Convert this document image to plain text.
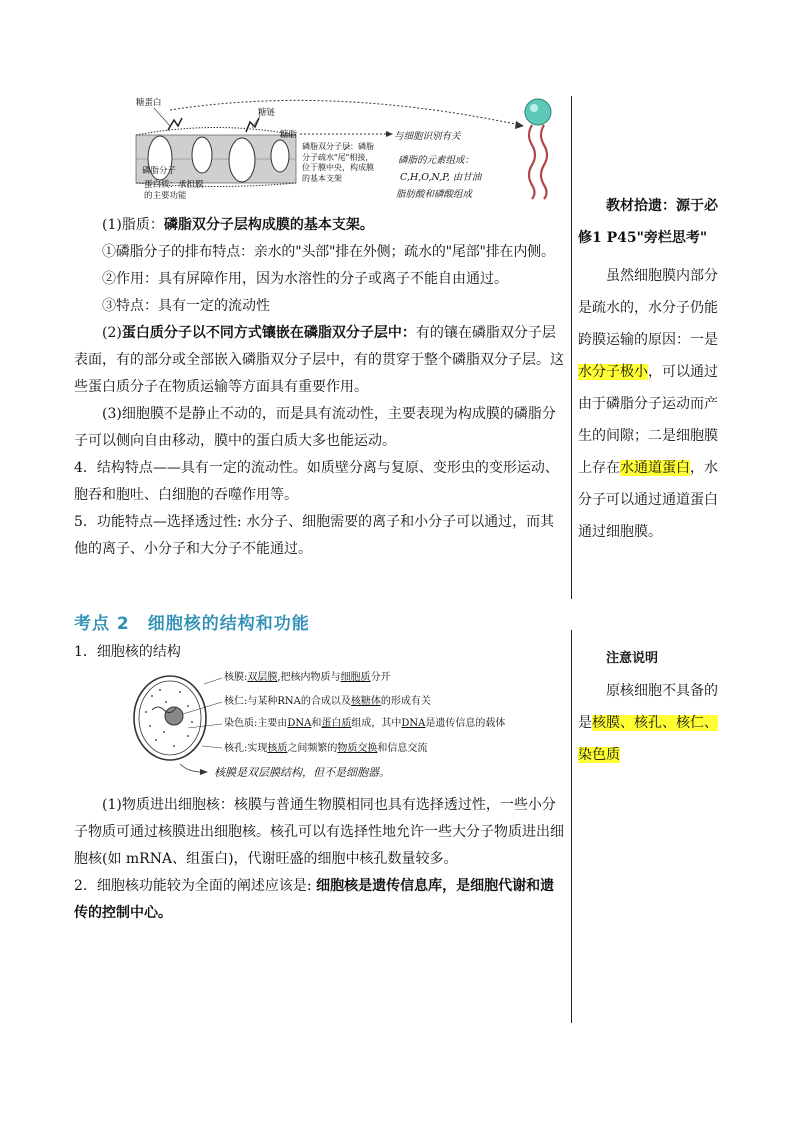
糖蛋白
糖链
糖脂
磷脂分子
蛋白质：承担膜的主要功能
磷脂双分子层：磷脂分子疏水"尾"相接，位于膜中央，构成膜的基本支架
与细胞识别有关
磷脂的元素组成：
C,H,O,N,P, 由甘油
脂肪酸和磷酸组成
(1)脂质：磷脂双分子层构成膜的基本支架。
①磷脂分子的排布特点：亲水的"头部"排在外侧；疏水的"尾部"排在内侧。
②作用：具有屏障作用，因为水溶性的分子或离子不能自由通过。
③特点：具有一定的流动性
(2)蛋白质分子以不同方式镶嵌在磷脂双分子层中：有的镶在磷脂双分子层表面，有的部分或全部嵌入磷脂双分子层中，有的贯穿于整个磷脂双分子层。这些蛋白质分子在物质运输等方面具有重要作用。
(3)细胞膜不是静止不动的，而是具有流动性，主要表现为构成膜的磷脂分子可以侧向自由移动，膜中的蛋白质大多也能运动。
4．结构特点——具有一定的流动性。如质壁分离与复原、变形虫的变形运动、胞吞和胞吐、白细胞的吞噬作用等。
5．功能特点—选择透过性: 水分子、细胞需要的离子和小分子可以通过，而其他的离子、小分子和大分子不能通过。
教材拾遗：源于必修1 P45"旁栏思考"
虽然细胞膜内部分是疏水的，水分子仍能跨膜运输的原因：一是水分子极小，可以通过由于磷脂分子运动而产生的间隙；二是细胞膜上存在水通道蛋白，水分子可以通过通道蛋白通过细胞膜。
考点 2　细胞核的结构和功能
1．细胞核的结构
核膜:双层膜,把核内物质与细胞质分开
核仁:与某种RNA的合成以及核糖体的形成有关
染色质:主要由DNA和蛋白质组成，其中DNA是遗传信息的载体
核孔:实现核质之间频繁的物质交换和信息交流
核膜是双层膜结构，但不是细胞器。
(1)物质进出细胞核：核膜与普通生物膜相同也具有选择透过性，一些小分子物质可通过核膜进出细胞核。核孔可以有选择性地允许一些大分子物质进出细胞核(如 mRNA、组蛋白)，代谢旺盛的细胞中核孔数量较多。
2．细胞核功能较为全面的阐述应该是: 细胞核是遗传信息库，是细胞代谢和遗传的控制中心。
注意说明
原核细胞不具备的是核膜、核孔、核仁、染色质
